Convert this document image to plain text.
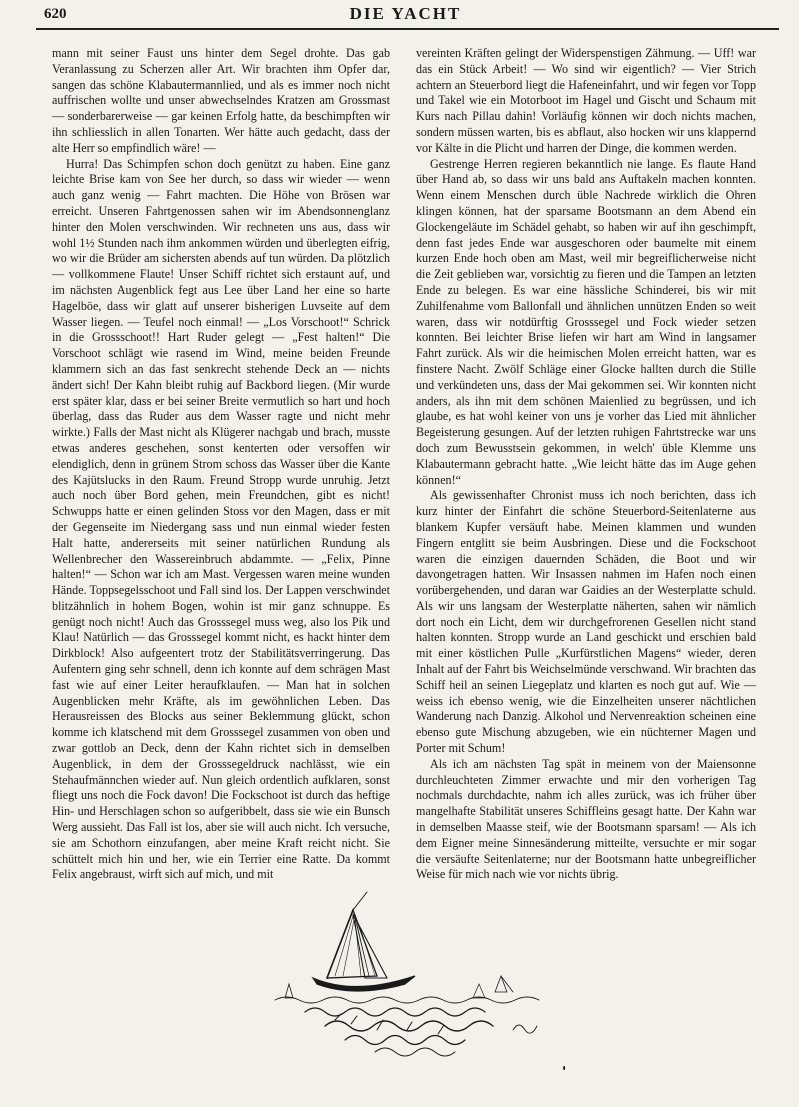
620	DIE YACHT

mann mit seiner Faust uns hinter dem Segel drohte. Das gab Veranlassung zu Scherzen aller Art. Wir brachten ihm Opfer dar, sangen das schöne Klabautermannlied, und als es immer noch nicht auffrischen wollte und unser abwechselndes Kratzen am Grossmast — sonderbarerweise — gar keinen Erfolg hatte, da beschimpften wir ihn schliesslich in allen Tonarten. Wer hätte auch gedacht, dass der alte Herr so empfindlich wäre! —

Hurra! Das Schimpfen schon doch genützt zu haben. Eine ganz leichte Brise kam von See her durch, so dass wir wieder — wenn auch ganz wenig — Fahrt machten. Die Höhe von Brösen war erreicht. Unseren Fahrtgenossen sahen wir im Abendsonnenglanz hinter den Molen verschwinden. Wir rechneten uns aus, dass wir wohl 1½ Stunden nach ihm ankommen würden und überlegten eifrig, wo wir die Brüder am sichersten abends auf tun würden. Da plötzlich — vollkommene Flaute! Unser Schiff richtet sich erstaunt auf, und im nächsten Augenblick fegt aus Lee über Land her eine so harte Hagelböe, dass wir glatt auf unserer bisherigen Luvseite auf dem Wasser liegen. — Teufel noch einmal! — „Los Vorschoot!“ Schrick in die Grossschoot!! Hart Ruder gelegt — „Fest halten!“ Die Vorschoot schlägt wie rasend im Wind, meine beiden Freunde klammern sich an das fast senkrecht stehende Deck an — nichts ändert sich! Der Kahn bleibt ruhig auf Backbord liegen. (Mir wurde erst später klar, dass er bei seiner Breite vermutlich so hart und hoch überlag, dass das Ruder aus dem Wasser ragte und nicht mehr wirkte.) Falls der Mast nicht als Klügerer nachgab und brach, musste etwas anderes geschehen, sonst kenterten oder versoffen wir elendiglich, denn in grünem Strom schoss das Wasser über die Kante des Kajütslucks in den Raum. Freund Stropp wurde unruhig. Jetzt auch noch über Bord gehen, mein Freundchen, gibt es nicht! Schwupps hatte er einen gelinden Stoss vor den Magen, dass er mit der Gegenseite im Niedergang sass und nun einmal wieder festen Halt hatte, andererseits mit seiner natürlichen Rundung als Wellenbrecher den Wassereinbruch abdammte. — „Felix, Pinne halten!“ — Schon war ich am Mast. Vergessen waren meine wunden Hände. Toppsegelsschoot und Fall sind los. Der Lappen verschwindet blitzähnlich in hohem Bogen, wohin ist mir ganz schnuppe. Es genügt noch nicht! Auch das Grosssegel muss weg, also los Pik und Klau! Natürlich — das Grosssegel kommt nicht, es hackt hinter dem Dirkblock! Also aufgeentert trotz der Stabilitätsverringerung. Das Aufentern ging sehr schnell, denn ich konnte auf dem schrägen Mast fast wie auf einer Leiter heraufklaufen. — Man hat in solchen Augenblicken mehr Kräfte, als im gewöhnlichen Leben. Das Herausreissen des Blocks aus seiner Beklemmung glückt, schon komme ich klatschend mit dem Grosssegel zusammen von oben und zwar gottlob an Deck, denn der Kahn richtet sich in demselben Augenblick, in dem der Grosssegeldruck nachlässt, wie ein Stehaufmännchen wieder auf. Nun gleich ordentlich aufklaren, sonst fliegt uns noch die Fock davon! Die Fockschoot ist durch das heftige Hin- und Herschlagen schon so aufgeribbelt, dass sie wie ein Bunsch Werg aussieht. Das Fall ist los, aber sie will auch nicht. Ich versuche, sie am Schothorn einzufangen, aber meine Kraft reicht nicht. Sie schüttelt mich hin und her, wie ein Terrier eine Ratte. Da kommt Felix angebraust, wirft sich auf mich, und mit

vereinten Kräften gelingt der Widerspenstigen Zähmung. — Uff! war das ein Stück Arbeit! — Wo sind wir eigentlich? — Vier Strich achtern an Steuerbord liegt die Hafeneinfahrt, und wir fegen vor Topp und Takel wie ein Motorboot im Hagel und Gischt und Schaum mit Kurs nach Pillau dahin! Vorläufig können wir doch nichts machen, sondern müssen warten, bis es abflaut, also hocken wir uns klappernd vor Kälte in die Plicht und harren der Dinge, die kommen werden.

Gestrenge Herren regieren bekanntlich nie lange. Es flaute Hand über Hand ab, so dass wir uns bald ans Auftakeln machen konnten. Wenn einem Menschen durch üble Nachrede wirklich die Ohren klingen können, hat der sparsame Bootsmann an dem Abend ein Glockengeläute im Schädel gehabt, so haben wir auf ihn geschimpft, denn fast jedes Ende war ausgeschoren oder baumelte mit einem kurzen Ende hoch oben am Mast, weil mir begreiflicherweise nicht die Zeit geblieben war, vorsichtig zu fieren und die Tampen an letzten Ende zu belegen. Es war eine hässliche Schinderei, bis wir mit Zuhilfenahme vom Ballonfall und ähnlichen unnützen Enden so weit waren, dass wir notdürftig Grosssegel und Fock wieder setzen konnten. Bei leichter Brise liefen wir hart am Wind in langsamer Fahrt zurück. Als wir die heimischen Molen erreicht hatten, war es finstere Nacht. Zwölf Schläge einer Glocke hallten durch die Stille und verkündeten uns, dass der Mai gekommen sei. Wir konnten nicht anders, als ihn mit dem schönen Maienlied zu begrüssen, und ich glaube, es hat wohl keiner von uns je vorher das Lied mit ähnlicher Begeisterung gesungen. Auf der letzten ruhigen Fahrtstrecke war uns doch zum Bewusstsein gekommen, in welch' üble Klemme uns Klabautermann gebracht hatte. „Wie leicht hätte das im Auge gehen können!“

Als gewissenhafter Chronist muss ich noch berichten, dass ich kurz hinter der Einfahrt die schöne Steuerbord-Seitenlaterne aus blankem Kupfer versäuft habe. Meinen klammen und wunden Fingern entglitt sie beim Ausbringen. Diese und die Fockschoot waren die einzigen dauernden Schäden, die Boot und wir davongetragen hatten. Wir Insassen nahmen im Hafen noch einen vorübergehenden, und daran war Gaidies an der Westerplatte schuld. Als wir uns langsam der Westerplatte näherten, sahen wir nämlich dort noch ein Licht, dem wir durchgefrorenen Gesellen nicht stand halten konnten. Stropp wurde an Land geschickt und erschien bald mit einer köstlichen Pulle „Kurfürstlichen Magens“ wieder, deren Inhalt auf der Fahrt bis Weichselmünde verschwand. Wir brachten das Schiff heil an seinen Liegeplatz und klarten es noch gut auf. Wie — weiss ich ebenso wenig, wie die Einzelheiten unserer nächtlichen Wanderung nach Danzig. Alkohol und Nervenreaktion scheinen eine ebenso gute Mischung abzugeben, wie ein nüchterner Magen und Porter mit Schum!

Als ich am nächsten Tag spät in meinem von der Maiensonne durchleuchteten Zimmer erwachte und mir den vorherigen Tag nochmals durchdachte, nahm ich alles zurück, was ich früher über mangelhafte Stabilität unseres Schiffleins gesagt hatte. Der Kahn war in demselben Maasse steif, wie der Bootsmann sparsam! — Als ich dem Eigner meine Sinnesänderung mitteilte, versuchte er mir sogar die versäufte Seitenlaterne; nur der Bootsmann hatte unbegreiflicher Weise für mich nach wie vor nichts übrig.
